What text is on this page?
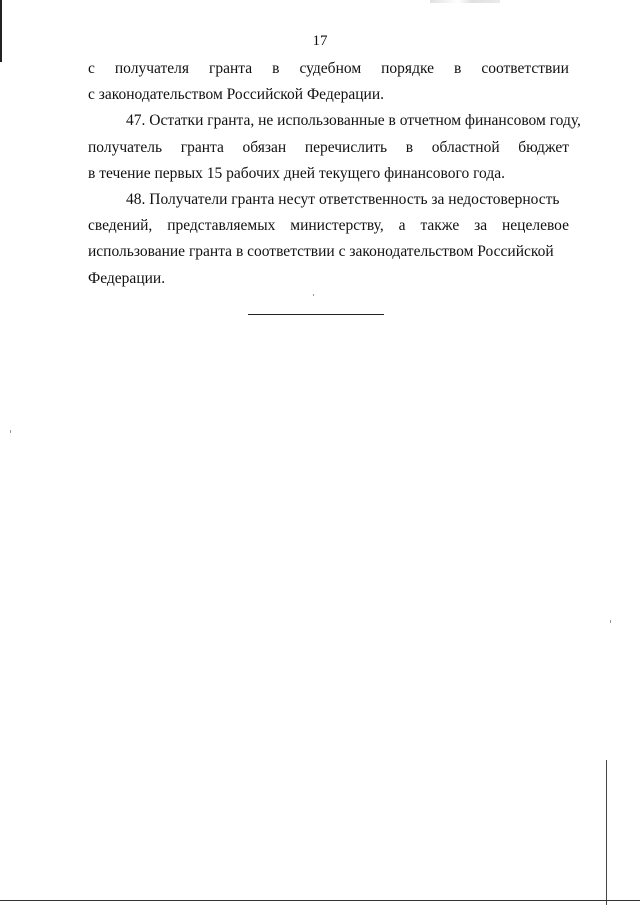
17
с получателя гранта в судебном порядке в соответствии
с законодательством Российской Федерации.
47. Остатки гранта, не использованные в отчетном финансовом году,
получатель гранта обязан перечислить в областной бюджет
в течение первых 15 рабочих дней текущего финансового года.
48. Получатели гранта несут ответственность за недостоверность
сведений, представляемых министерству, а также за нецелевое
использование гранта в соответствии с законодательством Российской
Федерации.
